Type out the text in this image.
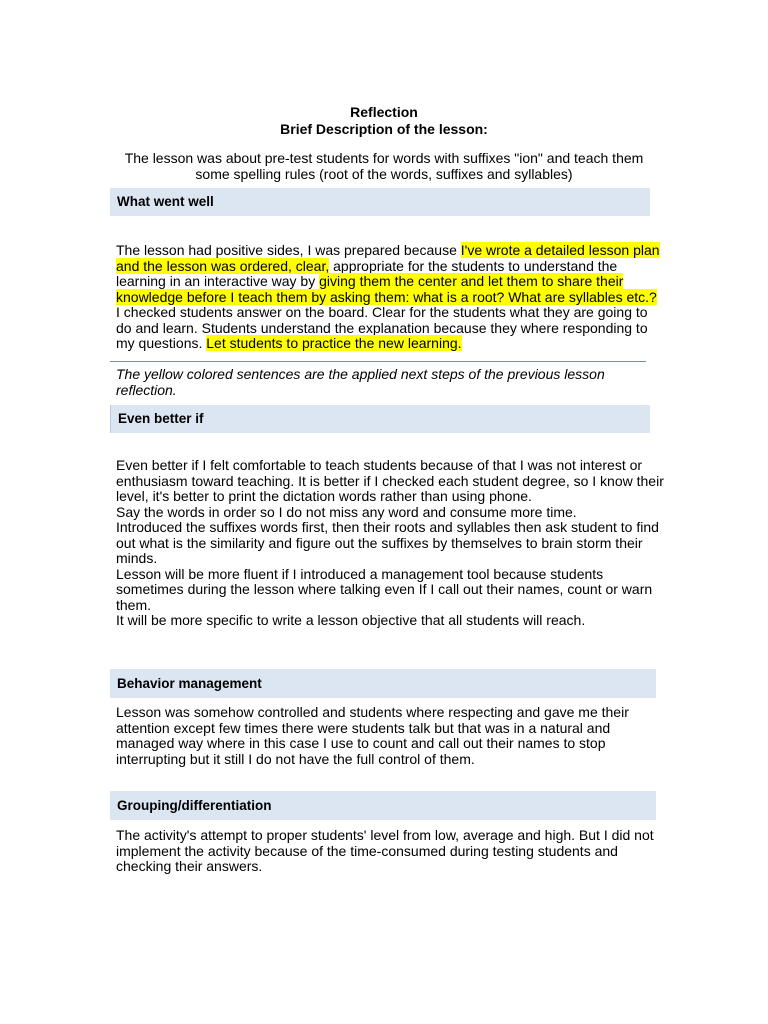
Reflection
Brief Description of the lesson:
The lesson was about pre-test students for words with suffixes "ion" and teach them some spelling rules (root of the words, suffixes and syllables)
What went well

The lesson had positive sides, I was prepared because I've wrote a detailed lesson plan and the lesson was ordered, clear, appropriate for the students to understand the learning in an interactive way by giving them the center and let them to share their knowledge before I teach them by asking them: what is a root? What are syllables etc.? I checked students answer on the board. Clear for the students what they are going to do and learn. Students understand the explanation because they where responding to my questions. Let students to practice the new learning.

The yellow colored sentences are the applied next steps of the previous lesson reflection.
Even better if

Even better if I felt comfortable to teach students because of that I was not interest or enthusiasm toward teaching. It is better if I checked each student degree, so I know their level, it's better to print the dictation words rather than using phone.

Say the words in order so I do not miss any word and consume more time.

Introduced the suffixes words first, then their roots and syllables then ask student to find out what is the similarity and figure out the suffixes by themselves to brain storm their minds.

Lesson will be more fluent if I introduced a management tool because students sometimes during the lesson where talking even If I call out their names, count or warn them.

It will be more specific to write a lesson objective that all students will reach.

Behavior management
Lesson was somehow controlled and students where respecting and gave me their attention except few times there were students talk but that was in a natural and managed way where in this case I use to count and call out their names to stop interrupting but it still I do not have the full control of them.
Grouping/differentiation
The activity's attempt to proper students' level from low, average and high. But I did not implement the activity because of the time-consumed during testing students and checking their answers.
